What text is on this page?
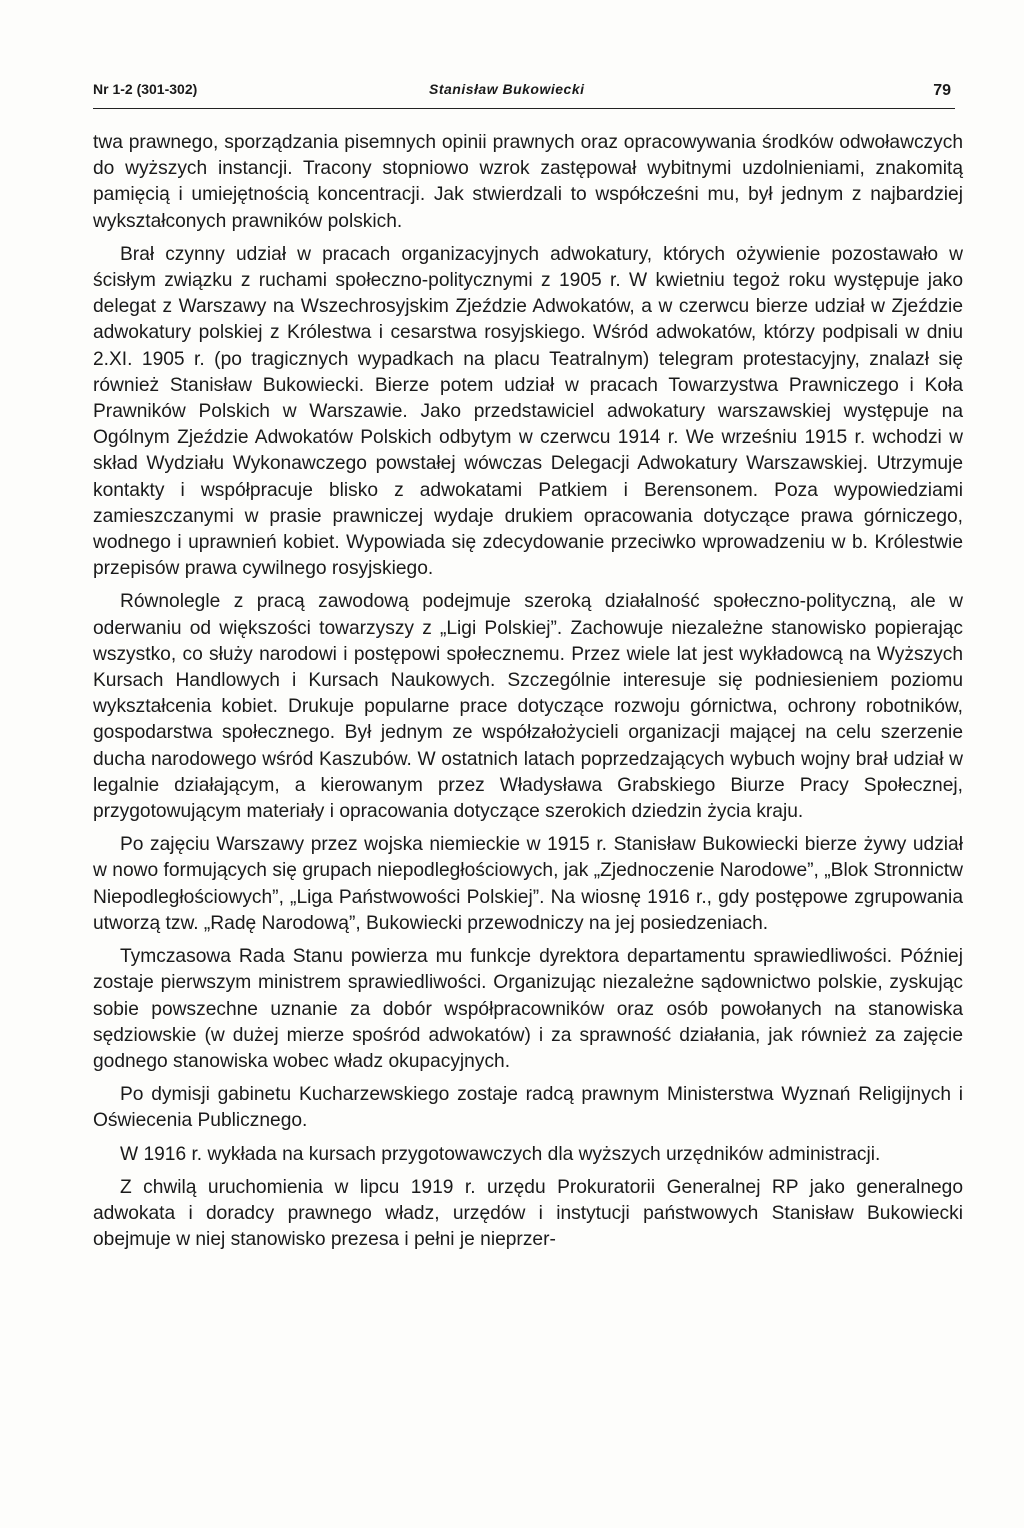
Nr 1-2 (301-302)	Stanisław Bukowiecki	79

twa prawnego, sporządzania pisemnych opinii prawnych oraz opracowywania środków odwoławczych do wyższych instancji. Tracony stopniowo wzrok zastępował wybitnymi uzdolnieniami, znakomitą pamięcią i umiejętnością koncentracji. Jak stwierdzali to współcześni mu, był jednym z najbardziej wykształconych prawników polskich.

Brał czynny udział w pracach organizacyjnych adwokatury, których ożywienie pozostawało w ścisłym związku z ruchami społeczno-politycznymi z 1905 r. W kwietniu tegoż roku występuje jako delegat z Warszawy na Wszechrosyjskim Zjeździe Adwokatów, a w czerwcu bierze udział w Zjeździe adwokatury polskiej z Królestwa i cesarstwa rosyjskiego. Wśród adwokatów, którzy podpisali w dniu 2.XI. 1905 r. (po tragicznych wypadkach na placu Teatralnym) telegram protestacyjny, znalazł się również Stanisław Bukowiecki. Bierze potem udział w pracach Towarzystwa Prawniczego i Koła Prawników Polskich w Warszawie. Jako przedstawiciel adwokatury warszawskiej występuje na Ogólnym Zjeździe Adwokatów Polskich odbytym w czerwcu 1914 r. We wrześniu 1915 r. wchodzi w skład Wydziału Wykonawczego powstałej wówczas Delegacji Adwokatury Warszawskiej. Utrzymuje kontakty i współpracuje blisko z adwokatami Patkiem i Berensonem. Poza wypowiedziami zamieszczanymi w prasie prawniczej wydaje drukiem opracowania dotyczące prawa górniczego, wodnego i uprawnień kobiet. Wypowiada się zdecydowanie przeciwko wprowadzeniu w b. Królestwie przepisów prawa cywilnego rosyjskiego.

Równolegle z pracą zawodową podejmuje szeroką działalność społeczno-polityczną, ale w oderwaniu od większości towarzyszy z „Ligi Polskiej”. Zachowuje niezależne stanowisko popierając wszystko, co służy narodowi i postępowi społecznemu. Przez wiele lat jest wykładowcą na Wyższych Kursach Handlowych i Kursach Naukowych. Szczególnie interesuje się podniesieniem poziomu wykształcenia kobiet. Drukuje popularne prace dotyczące rozwoju górnictwa, ochrony robotników, gospodarstwa społecznego. Był jednym ze współzałożycieli organizacji mającej na celu szerzenie ducha narodowego wśród Kaszubów. W ostatnich latach poprzedzających wybuch wojny brał udział w legalnie działającym, a kierowanym przez Władysława Grabskiego Biurze Pracy Społecznej, przygotowującym materiały i opracowania dotyczące szerokich dziedzin życia kraju.

Po zajęciu Warszawy przez wojska niemieckie w 1915 r. Stanisław Bukowiecki bierze żywy udział w nowo formujących się grupach niepodległościowych, jak „Zjednoczenie Narodowe”, „Blok Stronnictw Niepodległościowych”, „Liga Państwowości Polskiej”. Na wiosnę 1916 r., gdy postępowe zgrupowania utworzą tzw. „Radę Narodową”, Bukowiecki przewodniczy na jej posiedzeniach.

Tymczasowa Rada Stanu powierza mu funkcje dyrektora departamentu sprawiedliwości. Później zostaje pierwszym ministrem sprawiedliwości. Organizując niezależne sądownictwo polskie, zyskując sobie powszechne uznanie za dobór współpracowników oraz osób powołanych na stanowiska sędziowskie (w dużej mierze spośród adwokatów) i za sprawność działania, jak również za zajęcie godnego stanowiska wobec władz okupacyjnych.

Po dymisji gabinetu Kucharzewskiego zostaje radcą prawnym Ministerstwa Wyznań Religijnych i Oświecenia Publicznego.

W 1916 r. wykłada na kursach przygotowawczych dla wyższych urzędników administracji.

Z chwilą uruchomienia w lipcu 1919 r. urzędu Prokuratorii Generalnej RP jako generalnego adwokata i doradcy prawnego władz, urzędów i instytucji państwowych Stanisław Bukowiecki obejmuje w niej stanowisko prezesa i pełni je nieprzer-
